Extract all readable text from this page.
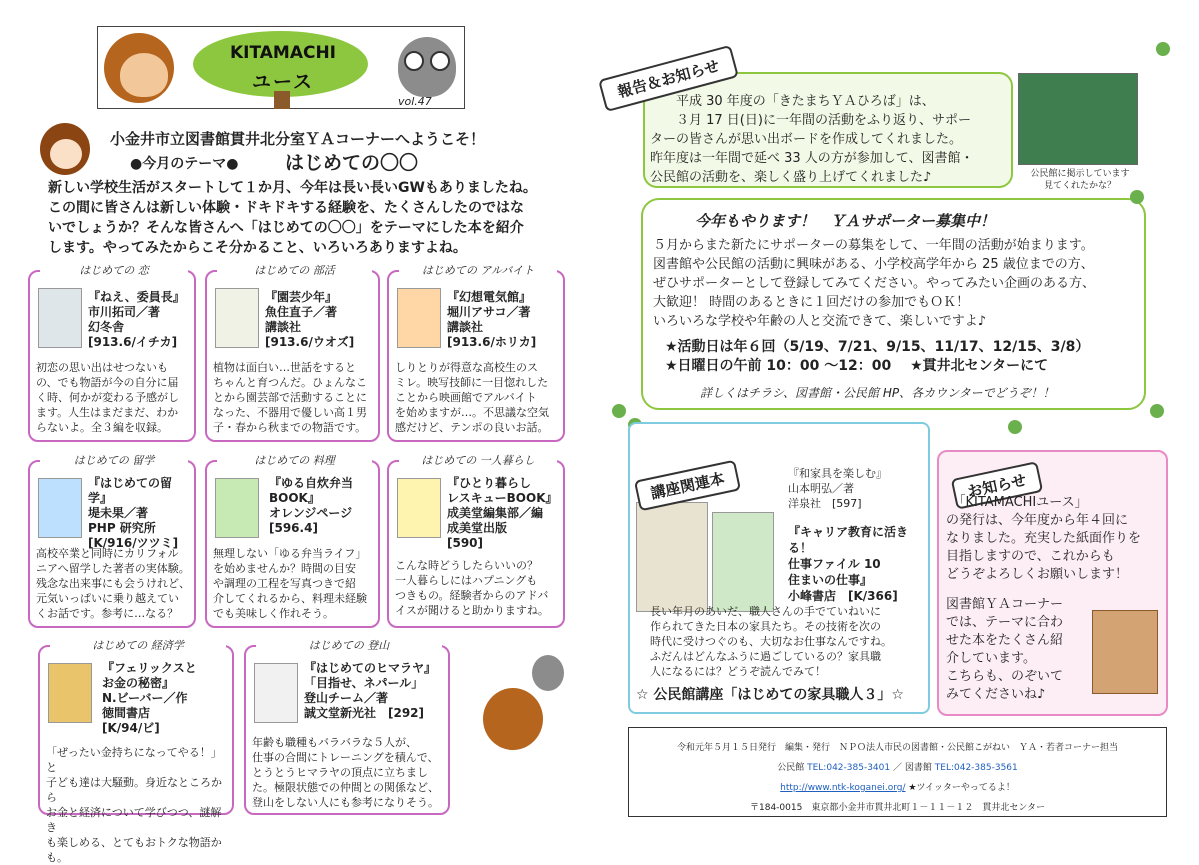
KITAMACHI
ユース
vol.47
小金井市立図書館貫井北分室ＹＡコーナーへようこそ！
●今月のテーマ● はじめての〇〇
新しい学校生活がスタートして１か月、今年は長い長いGWもありましたね。
この間に皆さんは新しい体験・ドキドキする経験を、たくさんしたのではな
いでしょうか？そんな皆さんへ「はじめての〇〇」をテーマにした本を紹介
します。やってみたからこそ分かること、いろいろありますよね。
はじめての 恋
『ねえ、委員長』
市川拓司／著
幻冬舎
[913.6/イチカ]
初恋の思い出はせつないも
の、でも物語が今の自分に届
く時、何かが変わる予感がし
ます。人生はまだまだ、わか
らないよ。全３編を収録。
はじめての 部活
『園芸少年』
魚住直子／著
講談社
[913.6/ウオズ]
植物は面白い…世話をすると
ちゃんと育つんだ。ひょんなこ
とから園芸部で活動することに
なった、不器用で優しい高１男
子・春から秋までの物語です。
はじめての アルバイト
『幻想電気館』
堀川アサコ／著
講談社
[913.6/ホリカ]
しりとりが得意な高校生のス
ミレ。映写技師に一目惚れした
ことから映画館でアルバイト
を始めますが…。不思議な空気
感だけど、テンポの良いお話。
はじめての 留学
『はじめての留学』
堤未果／著
PHP 研究所
[K/916/ツツミ]
高校卒業と同時にカリフォル
ニアへ留学した著者の実体験。
残念な出来事にも会うけれど、
元気いっぱいに乗り越えてい
くお話です。参考に…なる？
はじめての 料理
『ゆる自炊弁当
BOOK』
オレンジページ
[596.4]
無理しない「ゆる弁当ライフ」
を始めませんか？時間の目安
や調理の工程を写真つきで紹
介してくれるから、料理未経験
でも美味しく作れそう。
はじめての 一人暮らし
『ひとり暮らし
レスキューBOOK』
成美堂編集部／編
成美堂出版
[590]
こんな時どうしたらいいの？
一人暮らしにはハプニングも
つきもの。経験者からのアドバ
イスが聞けると助かりますね。
はじめての 経済学
『フェリックスと
お金の秘密』
N.ビーバー／作
徳間書店
[K/94/ビ]
「ぜったい金持ちになってやる！」と
子ども達は大騒動。身近なところから
お金と経済について学びつつ、謎解き
も楽しめる、とてもおトクな物語かも。
はじめての 登山
『はじめてのヒマラヤ』
「目指せ、ネパール」
登山チーム／著
誠文堂新光社　[292]
年齢も職種もバラバラな５人が、
仕事の合間にトレーニングを積んで、
とうとうヒマラヤの頂点に立ちまし
た。極限状態での仲間との関係など、
登山をしない人にも参考になりそう。
報告＆お知らせ
　　平成 30 年度の「きたまちＹＡひろば」は、
　　３月 17 日(日)に一年間の活動をふり返り、サポー
ターの皆さんが思い出ボードを作成してくれました。
昨年度は一年間で延べ 33 人の方が参加して、図書館・
公民館の活動を、楽しく盛り上げてくれました♪	公民館に掲示しています
見てくれたかな？
今年もやります！　ＹＡサポーター募集中！
５月からまた新たにサポーターの募集をして、一年間の活動が始まります。
図書館や公民館の活動に興味がある、小学校高学年から 25 歳位までの方、
ぜひサポーターとして登録してみてください。やってみたい企画のある方、
大歓迎！ 時間のあるときに１回だけの参加でもＯＫ！
いろいろな学校や年齢の人と交流できて、楽しいですよ♪
★活動日は年６回（5/19、7/21、9/15、11/17、12/15、3/8）
★日曜日の午前 10：00 〜12：00　 ★貫井北センターにて
詳しくはチラシ、図書館・公民館 HP、各カウンターでどうぞ！！
『和家具を楽しむ』
山本明弘／著
洋泉社　[597]
『キャリア教育に活きる！
仕事ファイル 10
住まいの仕事』
小峰書店　[K/366]
長い年月のあいだ、職人さんの手でていねいに
作られてきた日本の家具たち。その技術を次の
時代に受けつぐのも、大切なお仕事なんですね。
ふだんはどんなふうに過ごしているの？家具職
人になるには？どうぞ読んでみて！
講座関連本
☆ 公民館講座「はじめての家具職人３」☆
お知らせ
　「KITAMACHIユース」
の発行は、今年度から年４回に
なりました。充実した紙面作りを
目指しますので、これからも
どうぞよろしくお願いします！
図書館ＹＡコーナー
では、テーマに合わ
せた本をたくさん紹
介しています。
こちらも、のぞいて
みてくださいね♪
令和元年５月１５日発行　編集・発行　ＮＰＯ法人市民の図書館・公民館こがねい　ＹＡ・若者コーナー担当
公民館 TEL:042-385-3401 ／ 図書館 TEL:042-385-3561
http://www.ntk-koganei.org/ ★ツイッターやってるよ！
〒184-0015　東京都小金井市貫井北町１－１１－１２　貫井北センター
